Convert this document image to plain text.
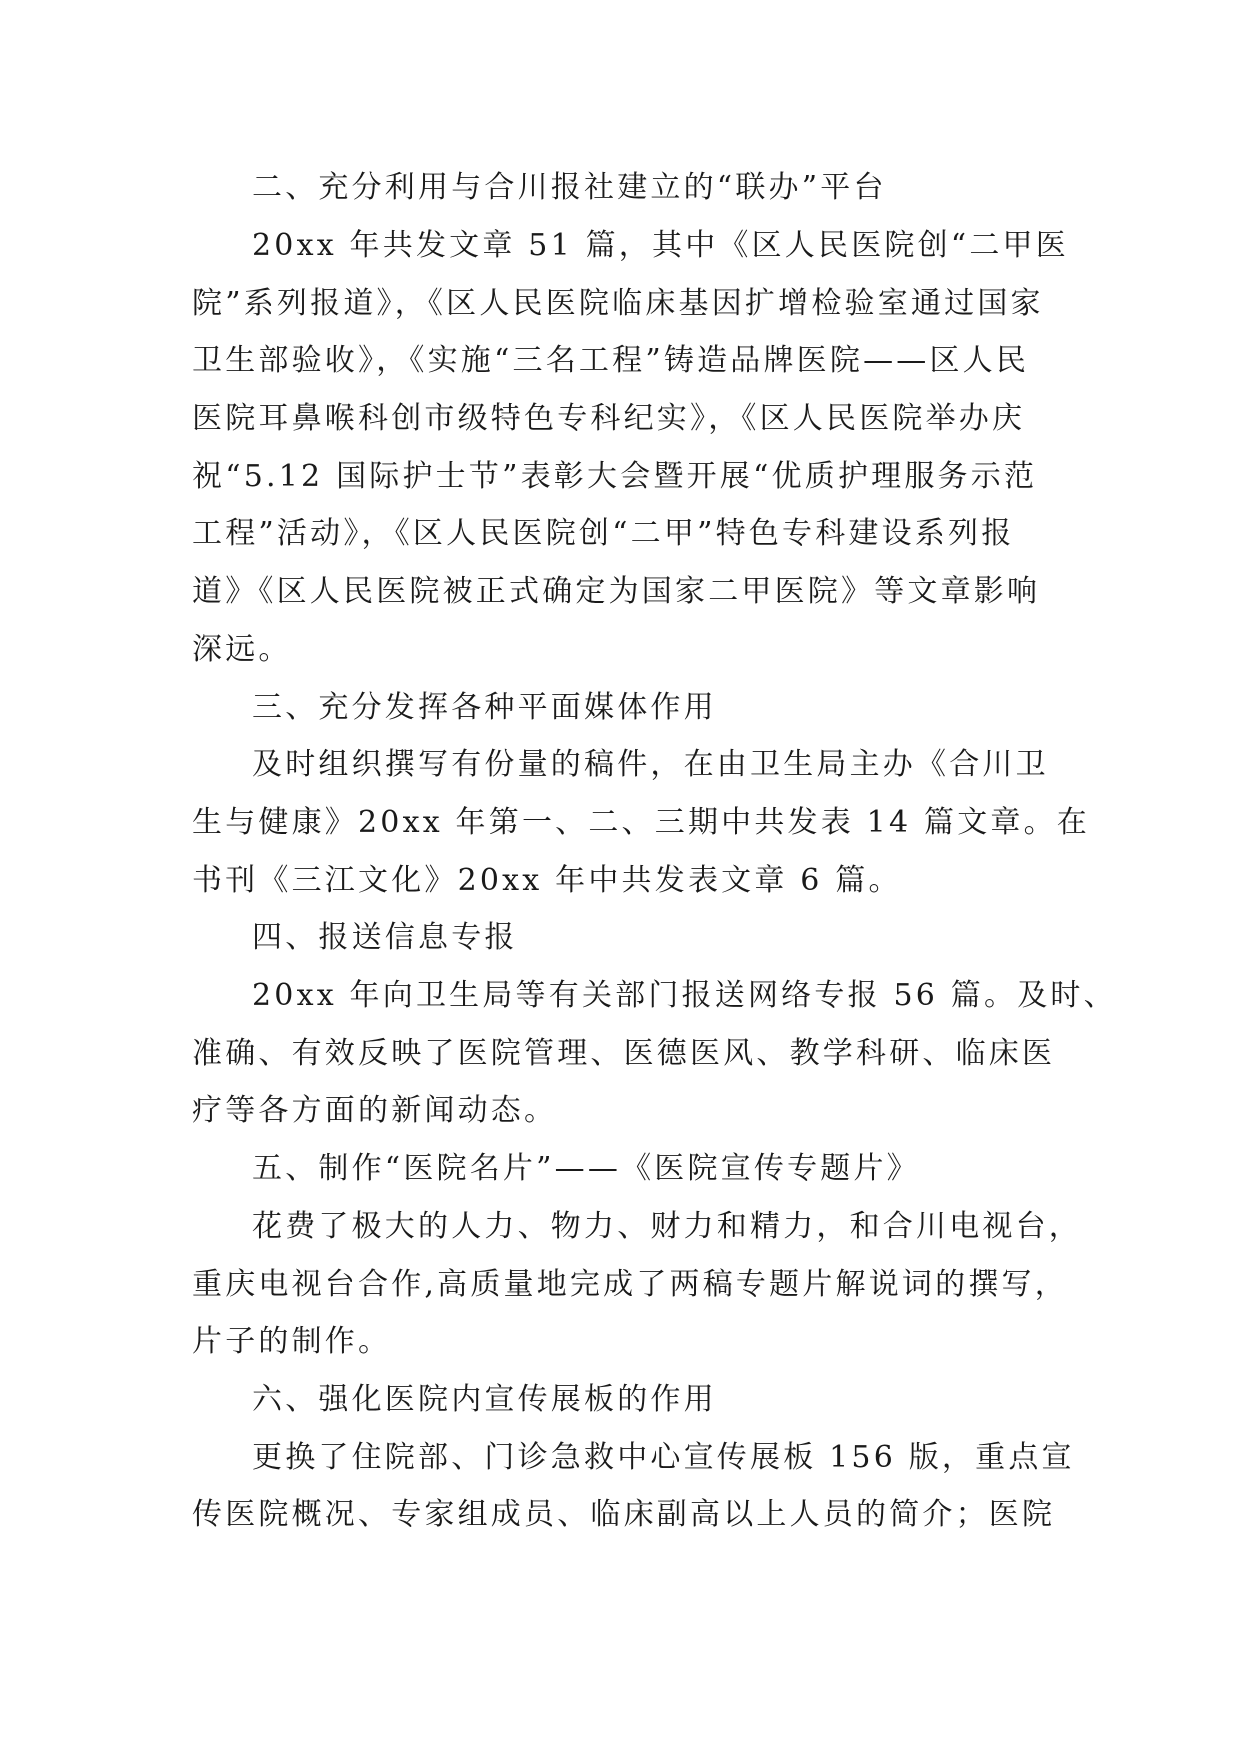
二、充分利用与合川报社建立的“联办”平台
20xx 年共发文章 51 篇，其中《区人民医院创“二甲医
院”系列报道》，《区人民医院临床基因扩增检验室通过国家
卫生部验收》，《实施“三名工程”铸造品牌医院——区人民
医院耳鼻喉科创市级特色专科纪实》，《区人民医院举办庆
祝“5.12 国际护士节”表彰大会暨开展“优质护理服务示范
工程”活动》，《区人民医院创“二甲”特色专科建设系列报
道》《区人民医院被正式确定为国家二甲医院》等文章影响
深远。
三、充分发挥各种平面媒体作用
及时组织撰写有份量的稿件，在由卫生局主办《合川卫
生与健康》20xx 年第一、二、三期中共发表 14 篇文章。在
书刊《三江文化》20xx 年中共发表文章 6 篇。
四、报送信息专报
20xx 年向卫生局等有关部门报送网络专报 56 篇。及时、
准确、有效反映了医院管理、医德医风、教学科研、临床医
疗等各方面的新闻动态。
五、制作“医院名片”——《医院宣传专题片》
花费了极大的人力、物力、财力和精力，和合川电视台，
重庆电视台合作,高质量地完成了两稿专题片解说词的撰写，
片子的制作。
六、强化医院内宣传展板的作用
更换了住院部、门诊急救中心宣传展板 156 版，重点宣
传医院概况、专家组成员、临床副高以上人员的简介；医院
